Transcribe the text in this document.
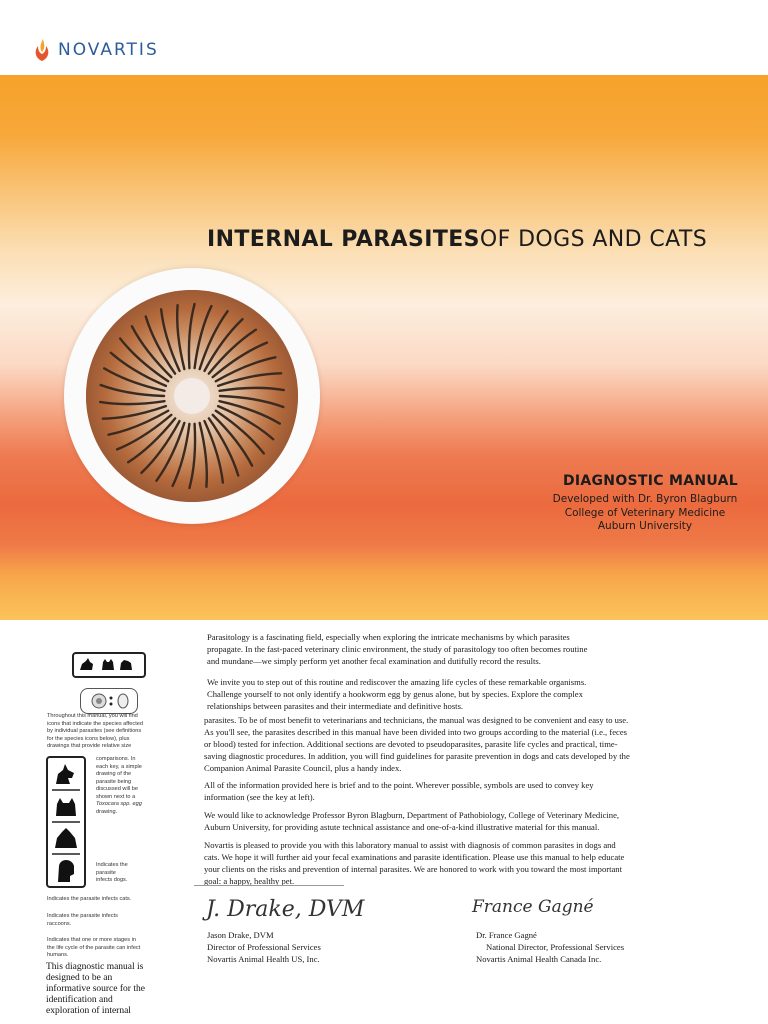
NOVARTIS
INTERNAL PARASITESOF DOGS AND CATS
DIAGNOSTIC MANUAL
Developed with Dr. Byron Blagburn
College of Veterinary Medicine
Auburn University
Throughout this manual, you will find
icons that indicate the species affected
by individual parasites (see definitions
for the species icons below), plus
drawings that provide relative size
comparisons. In
each key, a simple
drawing of the
parasite being
discussed will be
shown next to a
Toxocara spp. egg
drawing.
Indicates the
parasite
infects dogs.
Indicates the parasite infects cats.
Indicates the parasite infects
raccoons.
Indicates that one or more stages in
the life cycle of the parasite can infect
humans.
This diagnostic manual is
designed to be an
informative source for the
identification and
exploration of internal
Parasitology is a fascinating field, especially when exploring the intricate mechanisms by which parasites
propagate. In the fast-paced veterinary clinic environment, the study of parasitology too often becomes routine
and mundane—we simply perform yet another fecal examination and dutifully record the results.
We invite you to step out of this routine and rediscover the amazing life cycles of these remarkable organisms.
Challenge yourself to not only identify a hookworm egg by genus alone, but by species. Explore the complex
relationships between parasites and their intermediate and definitive hosts.
parasites. To be of most benefit to veterinarians and technicians, the manual was designed to be convenient and easy to use.
As you'll see, the parasites described in this manual have been divided into two groups according to the material (i.e., feces
or blood) tested for infection. Additional sections are devoted to pseudoparasites, parasite life cycles and practical, time-
saving diagnostic procedures. In addition, you will find guidelines for parasite prevention in dogs and cats developed by the
Companion Animal Parasite Council, plus a handy index.
All of the information provided here is brief and to the point. Wherever possible, symbols are used to convey key
information (see the key at left).
We would like to acknowledge Professor Byron Blagburn, Department of Pathobiology, College of Veterinary Medicine,
Auburn University, for providing astute technical assistance and one-of-a-kind illustrative material for this manual.
Novartis is pleased to provide you with this laboratory manual to assist with diagnosis of common parasites in dogs and
cats. We hope it will further aid your fecal examinations and parasite identification. Please use this manual to help educate
your clients on the risks and prevention of internal parasites. We are honored to work with you toward the most important
goal: a happy, healthy pet.
J. Drake, DVM	France Gagné
Jason Drake, DVM
Director of Professional Services
Novartis Animal Health US, Inc.
Dr. France Gagné
National Director, Professional Services
Novartis Animal Health Canada Inc.
